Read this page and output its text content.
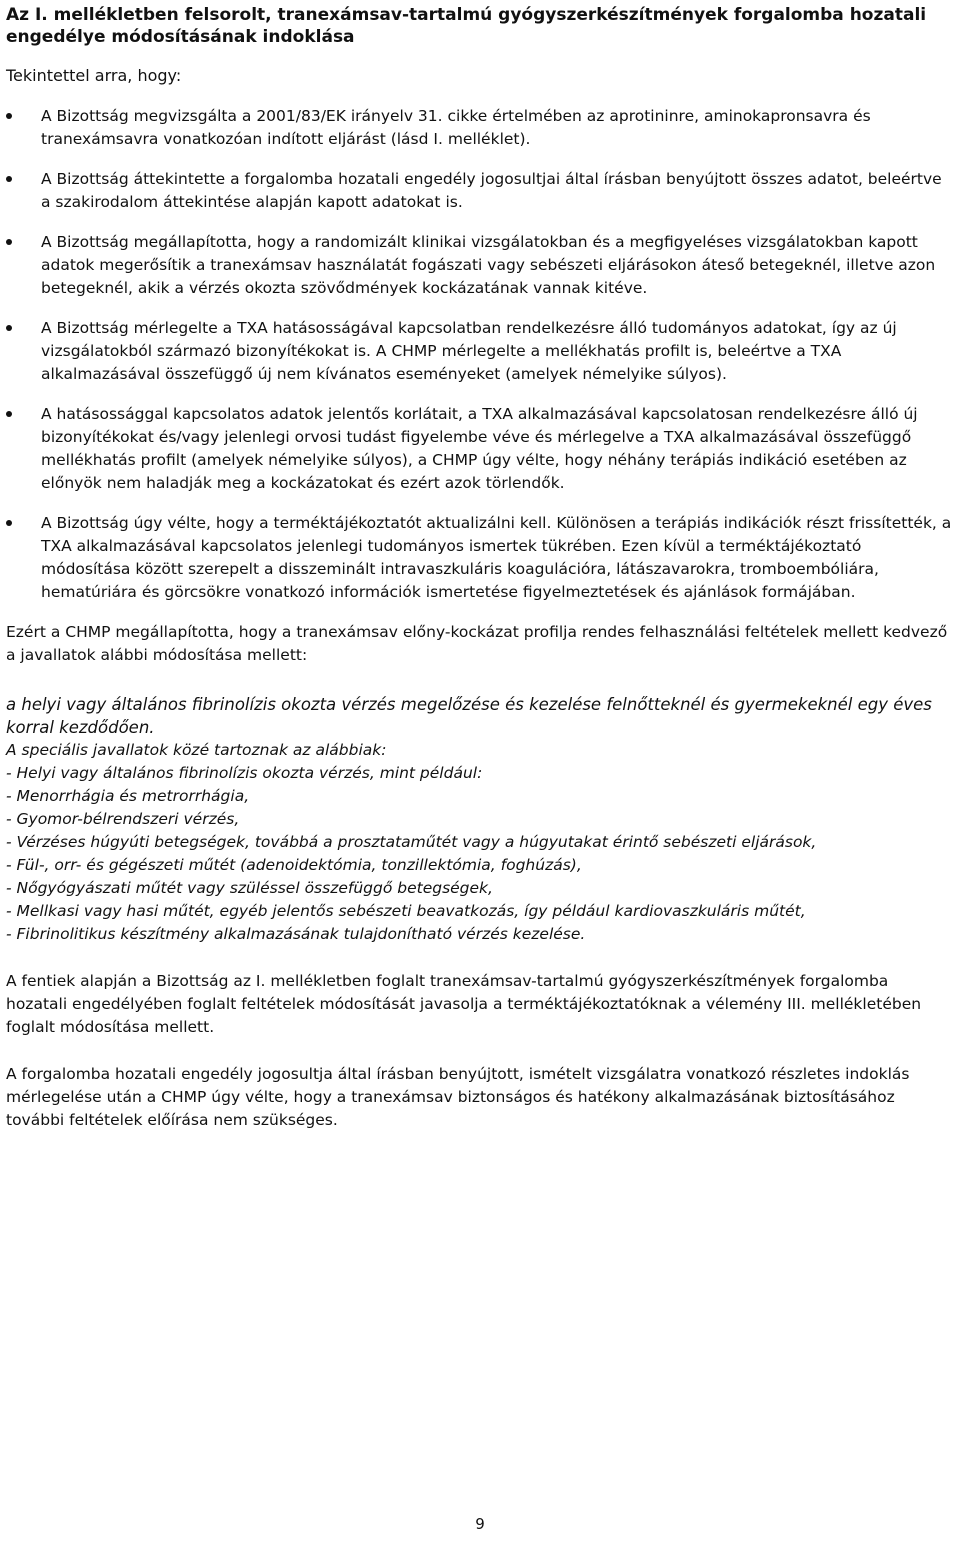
Az I. mellékletben felsorolt, tranexámsav-tartalmú gyógyszerkészítmények forgalomba hozatali engedélye módosításának indoklása
Tekintettel arra, hogy:
A Bizottság megvizsgálta a 2001/83/EK irányelv 31. cikke értelmében az aprotininre, aminokapronsavra és tranexámsavra vonatkozóan indított eljárást (lásd I. melléklet).
A Bizottság áttekintette a forgalomba hozatali engedély jogosultjai által írásban benyújtott összes adatot, beleértve a szakirodalom áttekintése alapján kapott adatokat is.
A Bizottság megállapította, hogy a randomizált klinikai vizsgálatokban és a megfigyeléses vizsgálatokban kapott adatok megerősítik a tranexámsav használatát fogászati vagy sebészeti eljárásokon áteső betegeknél, illetve azon betegeknél, akik a vérzés okozta szövődmények kockázatának vannak kitéve.
A Bizottság mérlegelte a TXA hatásosságával kapcsolatban rendelkezésre álló tudományos adatokat, így az új vizsgálatokból származó bizonyítékokat is. A CHMP mérlegelte a mellékhatás profilt is, beleértve a TXA alkalmazásával összefüggő új nem kívánatos eseményeket (amelyek némelyike súlyos).
A hatásossággal kapcsolatos adatok jelentős korlátait, a TXA alkalmazásával kapcsolatosan rendelkezésre álló új bizonyítékokat és/vagy jelenlegi orvosi tudást figyelembe véve és mérlegelve a TXA alkalmazásával összefüggő mellékhatás profilt (amelyek némelyike súlyos), a CHMP úgy vélte, hogy néhány terápiás indikáció esetében az előnyök nem haladják meg a kockázatokat és ezért azok törlendők.
A Bizottság úgy vélte, hogy a terméktájékoztatót aktualizálni kell. Különösen a terápiás indikációk részt frissítették, a TXA alkalmazásával kapcsolatos jelenlegi tudományos ismertek tükrében. Ezen kívül a terméktájékoztató módosítása között szerepelt a disszeminált intravaszkuláris koagulációra, látászavarokra, tromboembóliára, hematúriára és görcsökre vonatkozó információk ismertetése figyelmeztetések és ajánlások formájában.

Ezért a CHMP megállapította, hogy a tranexámsav előny-kockázat profilja rendes felhasználási feltételek mellett kedvező a javallatok alábbi módosítása mellett:

a helyi vagy általános fibrinolízis okozta vérzés megelőzése és kezelése felnőtteknél és gyermekeknél egy éves korral kezdődően.
A speciális javallatok közé tartoznak az alábbiak:
- Helyi vagy általános fibrinolízis okozta vérzés, mint például:
- Menorrhágia és metrorrhágia,
- Gyomor-bélrendszeri vérzés,
- Vérzéses húgyúti betegségek, továbbá a prosztataműtét vagy a húgyutakat érintő sebészeti eljárások,
- Fül-, orr- és gégészeti műtét (adenoidektómia, tonzillektómia, foghúzás),
- Nőgyógyászati műtét vagy szüléssel összefüggő betegségek,
- Mellkasi vagy hasi műtét, egyéb jelentős sebészeti beavatkozás, így például kardiovaszkuláris műtét,
- Fibrinolitikus készítmény alkalmazásának tulajdonítható vérzés kezelése.

A fentiek alapján a Bizottság az I. mellékletben foglalt tranexámsav-tartalmú gyógyszerkészítmények forgalomba hozatali engedélyében foglalt feltételek módosítását javasolja a terméktájékoztatóknak a vélemény III. mellékletében foglalt módosítása mellett.

A forgalomba hozatali engedély jogosultja által írásban benyújtott, ismételt vizsgálatra vonatkozó részletes indoklás mérlegelése után a CHMP úgy vélte, hogy a tranexámsav biztonságos és hatékony alkalmazásának biztosításához további feltételek előírása nem szükséges.

9
